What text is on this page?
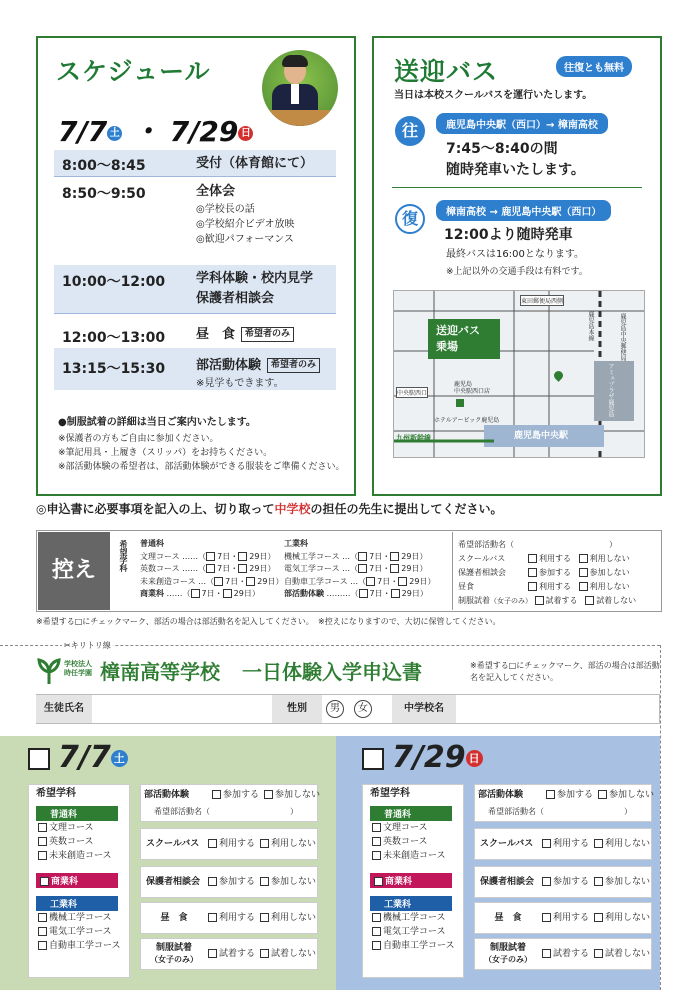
スケジュール
7/7 土 ・ 7/29 日
8:00〜8:45	受付（体育館にて）
8:50〜9:50	全体会
◎学校長の話
◎学校紹介ビデオ放映
◎歓迎パフォーマンス
10:00〜12:00 学科体験・校内見学
保護者相談会
12:00〜13:00 昼　食 希望者のみ
13:15〜15:30 部活動体験 希望者のみ
※見学もできます。
●制服試着の詳細は当日ご案内いたします。
※保護者の方もご自由に参加ください。
※筆記用具・上履き（スリッパ）をお持ちください。
※部活動体験の希望者は、部活動体験ができる服装をご準備ください。
送迎バス	往復とも無料
当日は本校スクールバスを運行いたします。
往	鹿児島中央駅（西口）→ 樟南高校
7:45〜8:40の間
随時発車いたします。
復	樟南高校 → 鹿児島中央駅（西口）
12:00より随時発車
最終バスは16:00となります。
※上記以外の交通手段は有料です。
送迎バス
乗場
鹿児島中央駅
九州新幹線
中央駅西口
ホテルアービック鹿児島
鹿児島
中央駅西口店
東田郵便局西側
鹿児島本線	鹿児島中央郵便局
アミュプラザ鹿児島
◎申込書に必要事項を記入の上、切り取って中学校の担任の先生に提出してください。
控え	希望学科 普通科
文理コース ……（ 7日・ 29日）
英数コース ……（ 7日・ 29日）
未来創造コース …（ 7日・ 29日）
商業科 ……（ 7日・ 29日）
工業科
機械工学コース …（ 7日・ 29日）
電気工学コース …（ 7日・ 29日）
自動車工学コース …（ 7日・ 29日）
部活動体験 ………（ 7日・ 29日）
希望部活動名（	）
スクールバス	利用する 利用しない
保護者相談会	参加する 参加しない
昼食	利用する 利用しない
制服試着（女子のみ） 試着する 試着しない
※希望する□にチェックマーク、部活の場合は部活動名を記入してください。 ※控えになりますので、大切に保管してください。
✂キリトリ線
学校法人
時任学園 樟南高等学校 一日体験入学申込書	※希望する□にチェックマーク、部活の場合は部活動名を記入してください。
生徒氏名	性別	男	女	中学校名
7/7 土
希望学科
普通科
文理コース
英数コース
未来創造コース
商業科
工業科
機械工学コース
電気工学コース
自動車工学コース
部活動体験	参加する	参加しない
希望部活動名（	）
スクールバス	利用する	利用しない
保護者相談会	参加する	参加しない
昼　食	利用する	利用しない
制服試着
（女子のみ）
試着する	試着しない
7/29 日
希望学科
普通科
文理コース
英数コース
未来創造コース
商業科
工業科
機械工学コース
電気工学コース
自動車工学コース
部活動体験	参加する	参加しない
希望部活動名（	）
スクールバス	利用する	利用しない
保護者相談会	参加する	参加しない
昼　食	利用する	利用しない
制服試着
（女子のみ）
試着する	試着しない
